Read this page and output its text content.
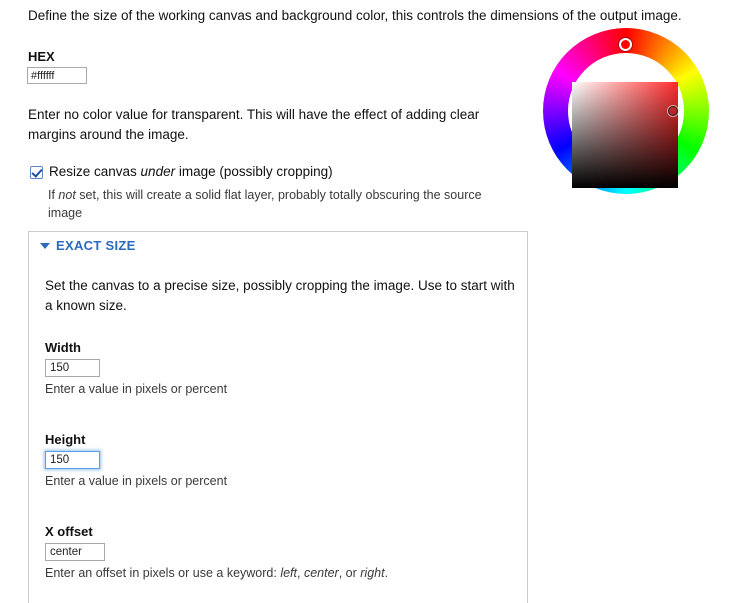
Define the size of the working canvas and background color, this controls the dimensions of the output image.
HEX
#ffffff
Enter no color value for transparent. This will have the effect of adding clear margins around the image.
Resize canvas under image (possibly cropping)
If not set, this will create a solid flat layer, probably totally obscuring the source image
EXACT SIZE
Set the canvas to a precise size, possibly cropping the image. Use to start with a known size.
Width
150
Enter a value in pixels or percent
Height
150
Enter a value in pixels or percent
X offset
center
Enter an offset in pixels or use a keyword: left, center, or right.
